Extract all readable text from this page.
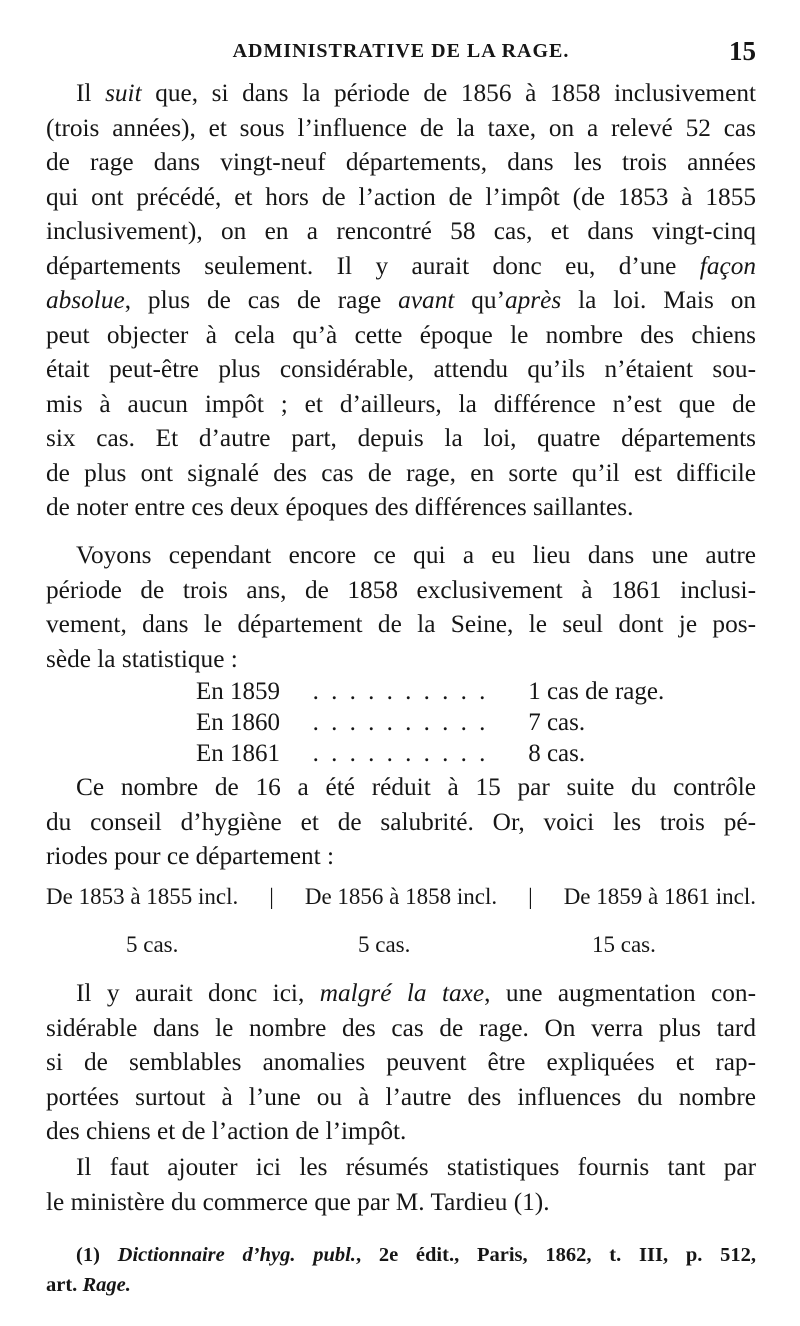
ADMINISTRATIVE DE LA RAGE.	15
Il suit que, si dans la période de 1856 à 1858 inclusivement
(trois années), et sous l’influence de la taxe, on a relevé 52 cas
de rage dans vingt-neuf départements, dans les trois années
qui ont précédé, et hors de l’action de l’impôt (de 1853 à 1855
inclusivement), on en a rencontré 58 cas, et dans vingt-cinq
départements seulement. Il y aurait donc eu, d’une façon
absolue, plus de cas de rage avant qu’après la loi. Mais on
peut objecter à cela qu’à cette époque le nombre des chiens
était peut-être plus considérable, attendu qu’ils n’étaient sou-
mis à aucun impôt ; et d’ailleurs, la différence n’est que de
six cas. Et d’autre part, depuis la loi, quatre départements
de plus ont signalé des cas de rage, en sorte qu’il est difficile
de noter entre ces deux époques des différences saillantes.
Voyons cependant encore ce qui a eu lieu dans une autre
période de trois ans, de 1858 exclusivement à 1861 inclusi-
vement, dans le département de la Seine, le seul dont je pos-
sède la statistique :
En 1859	. . . . . . . . . .	1 cas de rage.
En 1860	. . . . . . . . . .	7 cas.
En 1861	. . . . . . . . . .	8 cas.
Ce nombre de 16 a été réduit à 15 par suite du contrôle
du conseil d’hygiène et de salubrité. Or, voici les trois pé-
riodes pour ce département :
De 1853 à 1855 incl.	|	De 1856 à 1858 incl.	|	De 1859 à 1861 incl.
5 cas.	5 cas.	15 cas.
Il y aurait donc ici, malgré la taxe, une augmentation con-
sidérable dans le nombre des cas de rage. On verra plus tard
si de semblables anomalies peuvent être expliquées et rap-
portées surtout à l’une ou à l’autre des influences du nombre
des chiens et de l’action de l’impôt.
Il faut ajouter ici les résumés statistiques fournis tant par
le ministère du commerce que par M. Tardieu (1).
(1) Dictionnaire d’hyg. publ., 2e édit., Paris, 1862, t. III, p. 512,
art. Rage.
